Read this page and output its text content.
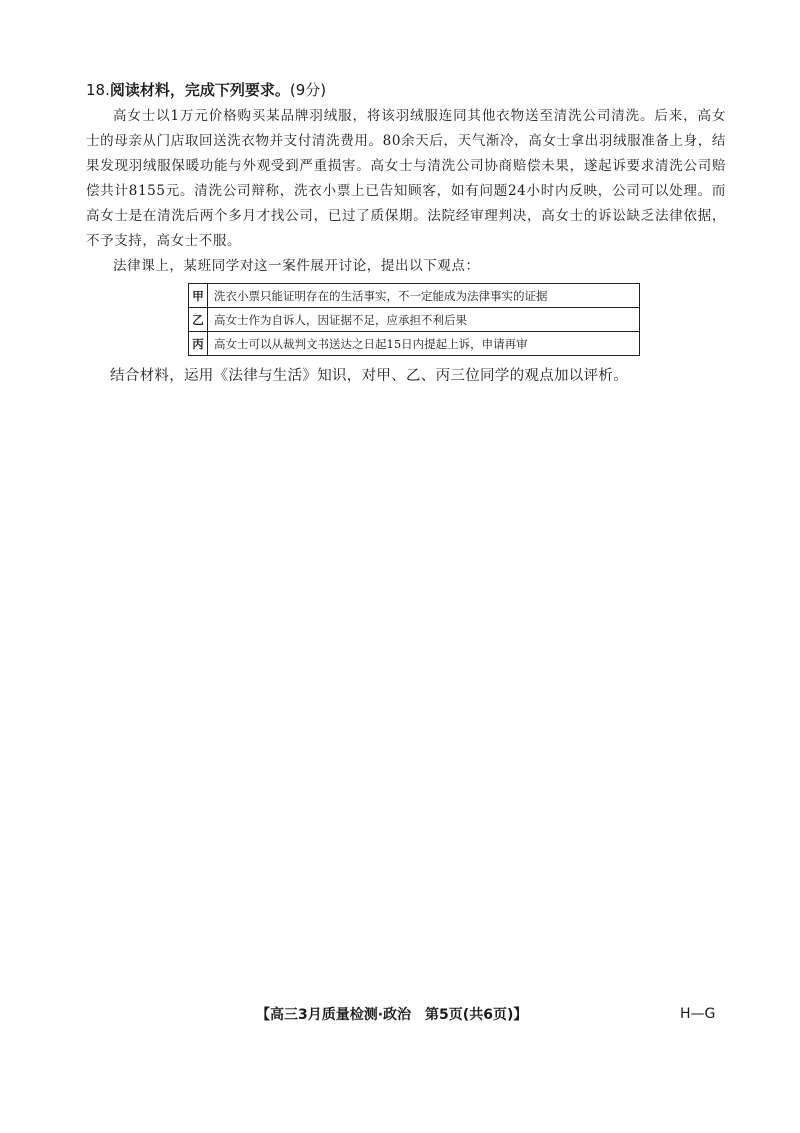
18.阅读材料，完成下列要求。(9分)

高女士以1万元价格购买某品牌羽绒服，将该羽绒服连同其他衣物送至清洗公司清洗。后来，高女士的母亲从门店取回送洗衣物并支付清洗费用。80余天后，天气渐冷，高女士拿出羽绒服准备上身，结果发现羽绒服保暖功能与外观受到严重损害。高女士与清洗公司协商赔偿未果，遂起诉要求清洗公司赔偿共计8155元。清洗公司辩称，洗衣小票上已告知顾客，如有问题24小时内反映，公司可以处理。而高女士是在清洗后两个多月才找公司，已过了质保期。法院经审理判决，高女士的诉讼缺乏法律依据，不予支持，高女士不服。

法律课上，某班同学对这一案件展开讨论，提出以下观点：
甲	洗衣小票只能证明存在的生活事实，不一定能成为法律事实的证据
乙	高女士作为自诉人，因证据不足，应承担不利后果
丙	高女士可以从裁判文书送达之日起15日内提起上诉，申请再审
结合材料，运用《法律与生活》知识，对甲、乙、丙三位同学的观点加以评析。
【高三3月质量检测·政治　第5页(共6页)】	H—G
